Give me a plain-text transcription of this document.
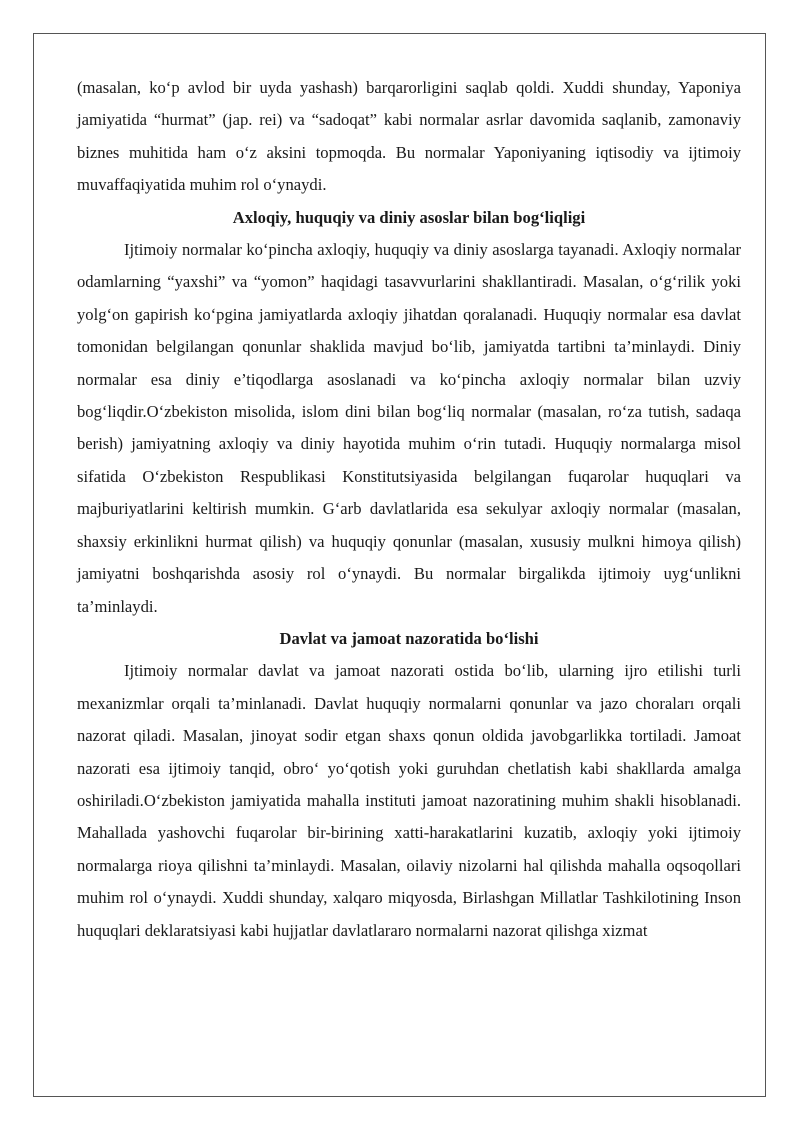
(masalan, ko‘p avlod bir uyda yashash) barqarorligini saqlab qoldi. Xuddi shunday, Yaponiya jamiyatida “hurmat” (jap. rei) va “sadoqat” kabi normalar asrlar davomida saqlanib, zamonaviy biznes muhitida ham o‘z aksini topmoqda. Bu normalar Yaponiyaning iqtisodiy va ijtimoiy muvaffaqiyatida muhim rol o‘ynaydi.

Axloqiy, huquqiy va diniy asoslar bilan bog‘liqligi

Ijtimoiy normalar ko‘pincha axloqiy, huquqiy va diniy asoslarga tayanadi. Axloqiy normalar odamlarning “yaxshi” va “yomon” haqidagi tasavvurlarini shakllantiradi. Masalan, o‘g‘rilik yoki yolg‘on gapirish ko‘pgina jamiyatlarda axloqiy jihatdan qoralanadi. Huquqiy normalar esa davlat tomonidan belgilangan qonunlar shaklida mavjud bo‘lib, jamiyatda tartibni ta’minlaydi. Diniy normalar esa diniy e’tiqodlarga asoslanadi va ko‘pincha axloqiy normalar bilan uzviy bog‘liqdir.O‘zbekiston misolida, islom dini bilan bog‘liq normalar (masalan, ro‘za tutish, sadaqa berish) jamiyatning axloqiy va diniy hayotida muhim o‘rin tutadi. Huquqiy normalarga misol sifatida O‘zbekiston Respublikasi Konstitutsiyasida belgilangan fuqarolar huquqlari va majburiyatlarini keltirish mumkin. G‘arb davlatlarida esa sekulyar axloqiy normalar (masalan, shaxsiy erkinlikni hurmat qilish) va huquqiy qonunlar (masalan, xususiy mulkni himoya qilish) jamiyatni boshqarishda asosiy rol o‘ynaydi. Bu normalar birgalikda ijtimoiy uyg‘unlikni ta’minlaydi.

Davlat va jamoat nazoratida bo‘lishi

Ijtimoiy normalar davlat va jamoat nazorati ostida bo‘lib, ularning ijro etilishi turli mexanizmlar orqali ta’minlanadi. Davlat huquqiy normalarni qonunlar va jazo choraları orqali nazorat qiladi. Masalan, jinoyat sodir etgan shaxs qonun oldida javobgarlikka tortiladi. Jamoat nazorati esa ijtimoiy tanqid, obro‘ yo‘qotish yoki guruhdan chetlatish kabi shakllarda amalga oshiriladi.O‘zbekiston jamiyatida mahalla instituti jamoat nazoratining muhim shakli hisoblanadi. Mahallada yashovchi fuqarolar bir-birining xatti-harakatlarini kuzatib, axloqiy yoki ijtimoiy normalarga rioya qilishni ta’minlaydi. Masalan, oilaviy nizolarni hal qilishda mahalla oqsoqollari muhim rol o‘ynaydi. Xuddi shunday, xalqaro miqyosda, Birlashgan Millatlar Tashkilotining Inson huquqlari deklaratsiyasi kabi hujjatlar davlatlararo normalarni nazorat qilishga xizmat
